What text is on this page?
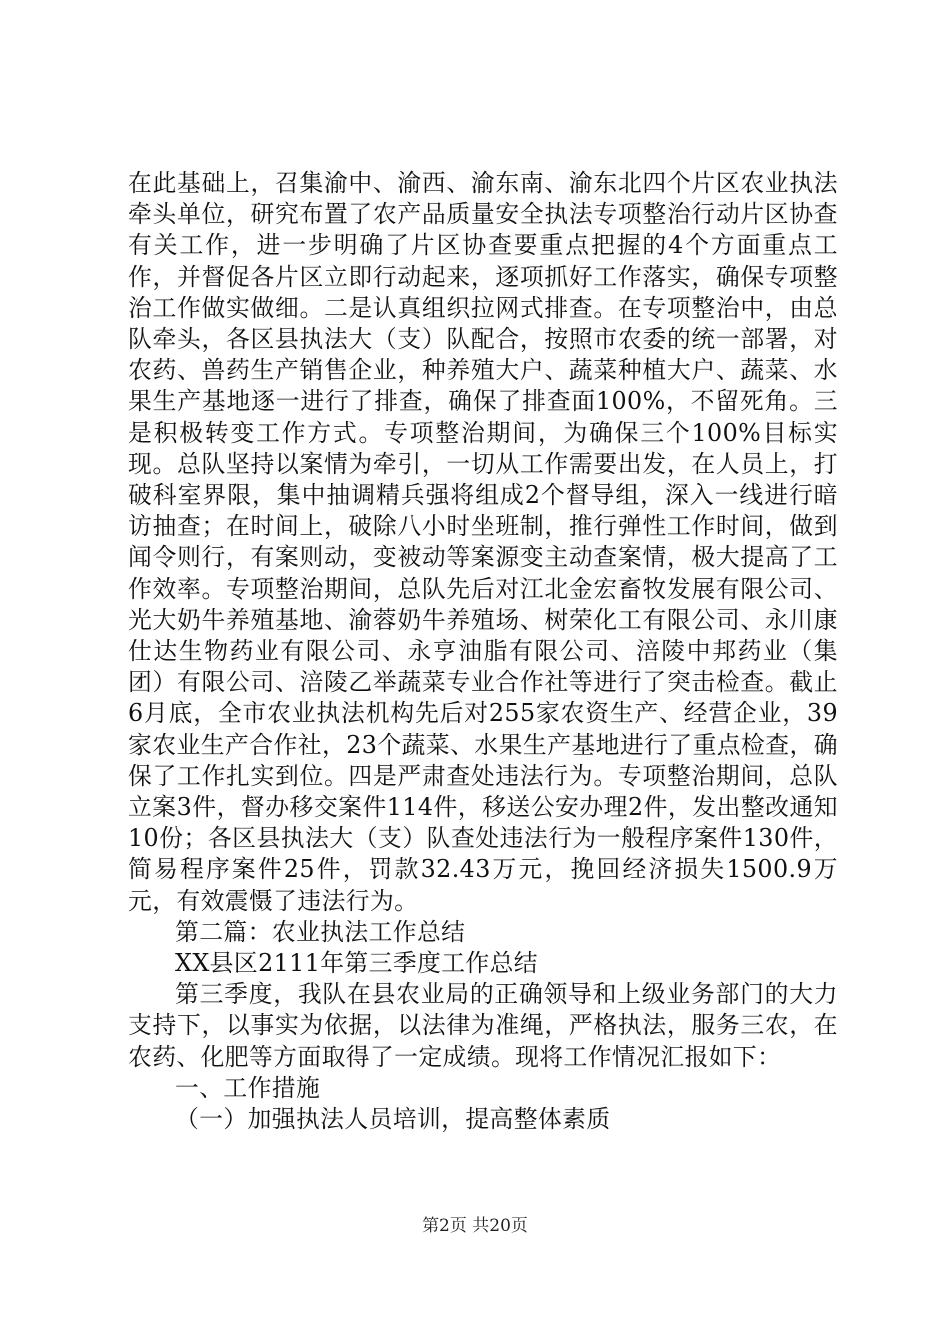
在此基础上，召集渝中、渝西、渝东南、渝东北四个片区农业执法牵头单位，研究布置了农产品质量安全执法专项整治行动片区协查有关工作，进一步明确了片区协查要重点把握的4个方面重点工作，并督促各片区立即行动起来，逐项抓好工作落实，确保专项整治工作做实做细。二是认真组织拉网式排查。在专项整治中，由总队牵头，各区县执法大（支）队配合，按照市农委的统一部署，对农药、兽药生产销售企业，种养殖大户、蔬菜种植大户、蔬菜、水果生产基地逐一进行了排查，确保了排查面100%，不留死角。三是积极转变工作方式。专项整治期间，为确保三个100%目标实现。总队坚持以案情为牵引，一切从工作需要出发，在人员上，打破科室界限，集中抽调精兵强将组成2个督导组，深入一线进行暗访抽查；在时间上，破除八小时坐班制，推行弹性工作时间，做到闻令则行，有案则动，变被动等案源变主动查案情，极大提高了工作效率。专项整治期间，总队先后对江北金宏畜牧发展有限公司、光大奶牛养殖基地、渝蓉奶牛养殖场、树荣化工有限公司、永川康仕达生物药业有限公司、永亨油脂有限公司、涪陵中邦药业（集团）有限公司、涪陵乙举蔬菜专业合作社等进行了突击检查。截止6月底，全市农业执法机构先后对255家农资生产、经营企业，39家农业生产合作社，23个蔬菜、水果生产基地进行了重点检查，确保了工作扎实到位。四是严肃查处违法行为。专项整治期间，总队立案3件，督办移交案件114件，移送公安办理2件，发出整改通知10份；各区县执法大（支）队查处违法行为一般程序案件130件，简易程序案件25件，罚款32.43万元，挽回经济损失1500.9万元，有效震慑了违法行为。

第二篇：农业执法工作总结

XX县区2111年第三季度工作总结

第三季度，我队在县农业局的正确领导和上级业务部门的大力支持下，以事实为依据，以法律为准绳，严格执法，服务三农，在农药、化肥等方面取得了一定成绩。现将工作情况汇报如下：

一、工作措施

（一）加强执法人员培训，提高整体素质

第2页 共20页
